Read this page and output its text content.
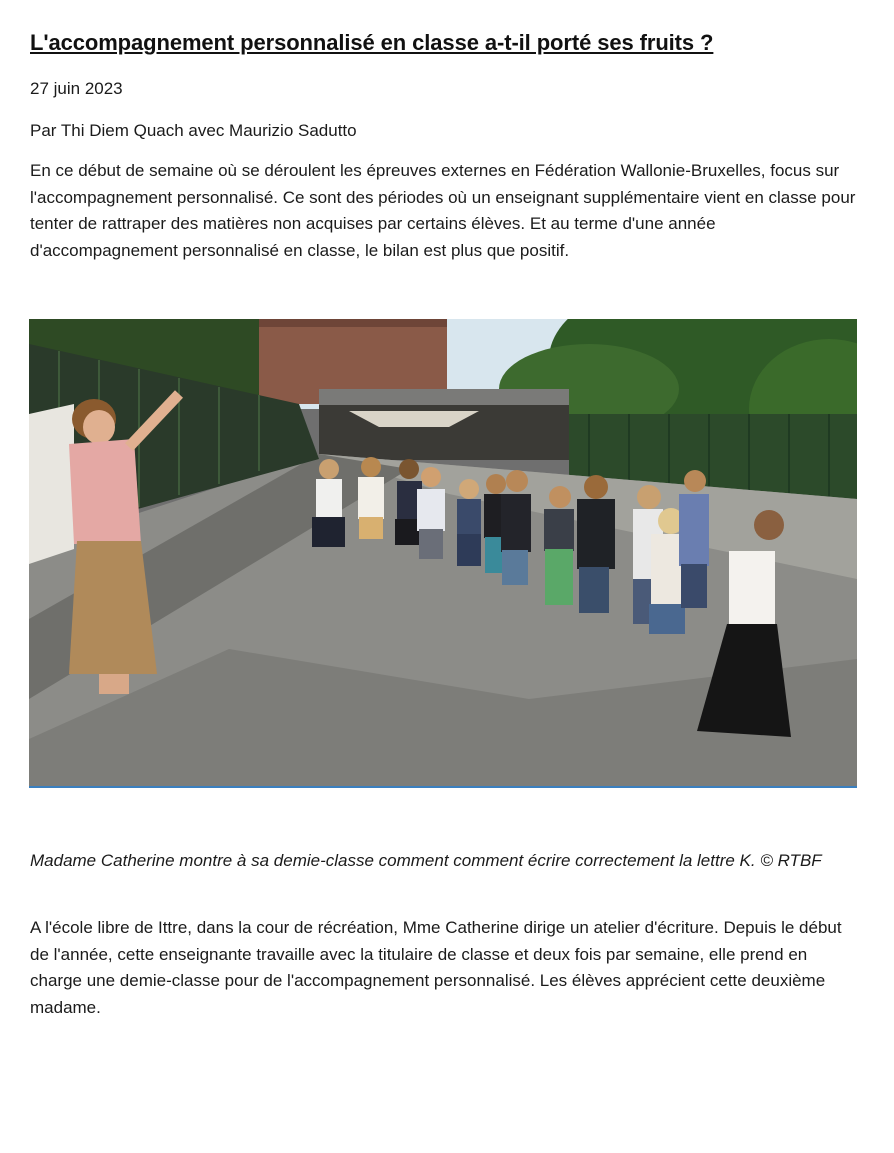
L'accompagnement personnalisé en classe a-t-il porté ses fruits ?

27 juin 2023

Par Thi Diem Quach avec Maurizio Sadutto

En ce début de semaine où se déroulent les épreuves externes en Fédération Wallonie-Bruxelles, focus sur l'accompagnement personnalisé. Ce sont des périodes où un enseignant supplémentaire vient en classe pour tenter de rattraper des matières non acquises par certains élèves. Et au terme d'une année d'accompagnement personnalisé en classe, le bilan est plus que positif.

Madame Catherine montre à sa demie-classe comment comment écrire correctement la lettre K. © RTBF

A l'école libre de Ittre, dans la cour de récréation, Mme Catherine dirige un atelier d'écriture. Depuis le début de l'année, cette enseignante travaille avec la titulaire de classe et deux fois par semaine, elle prend en charge une demie-classe pour de l'accompagnement personnalisé. Les élèves apprécient cette deuxième madame.
